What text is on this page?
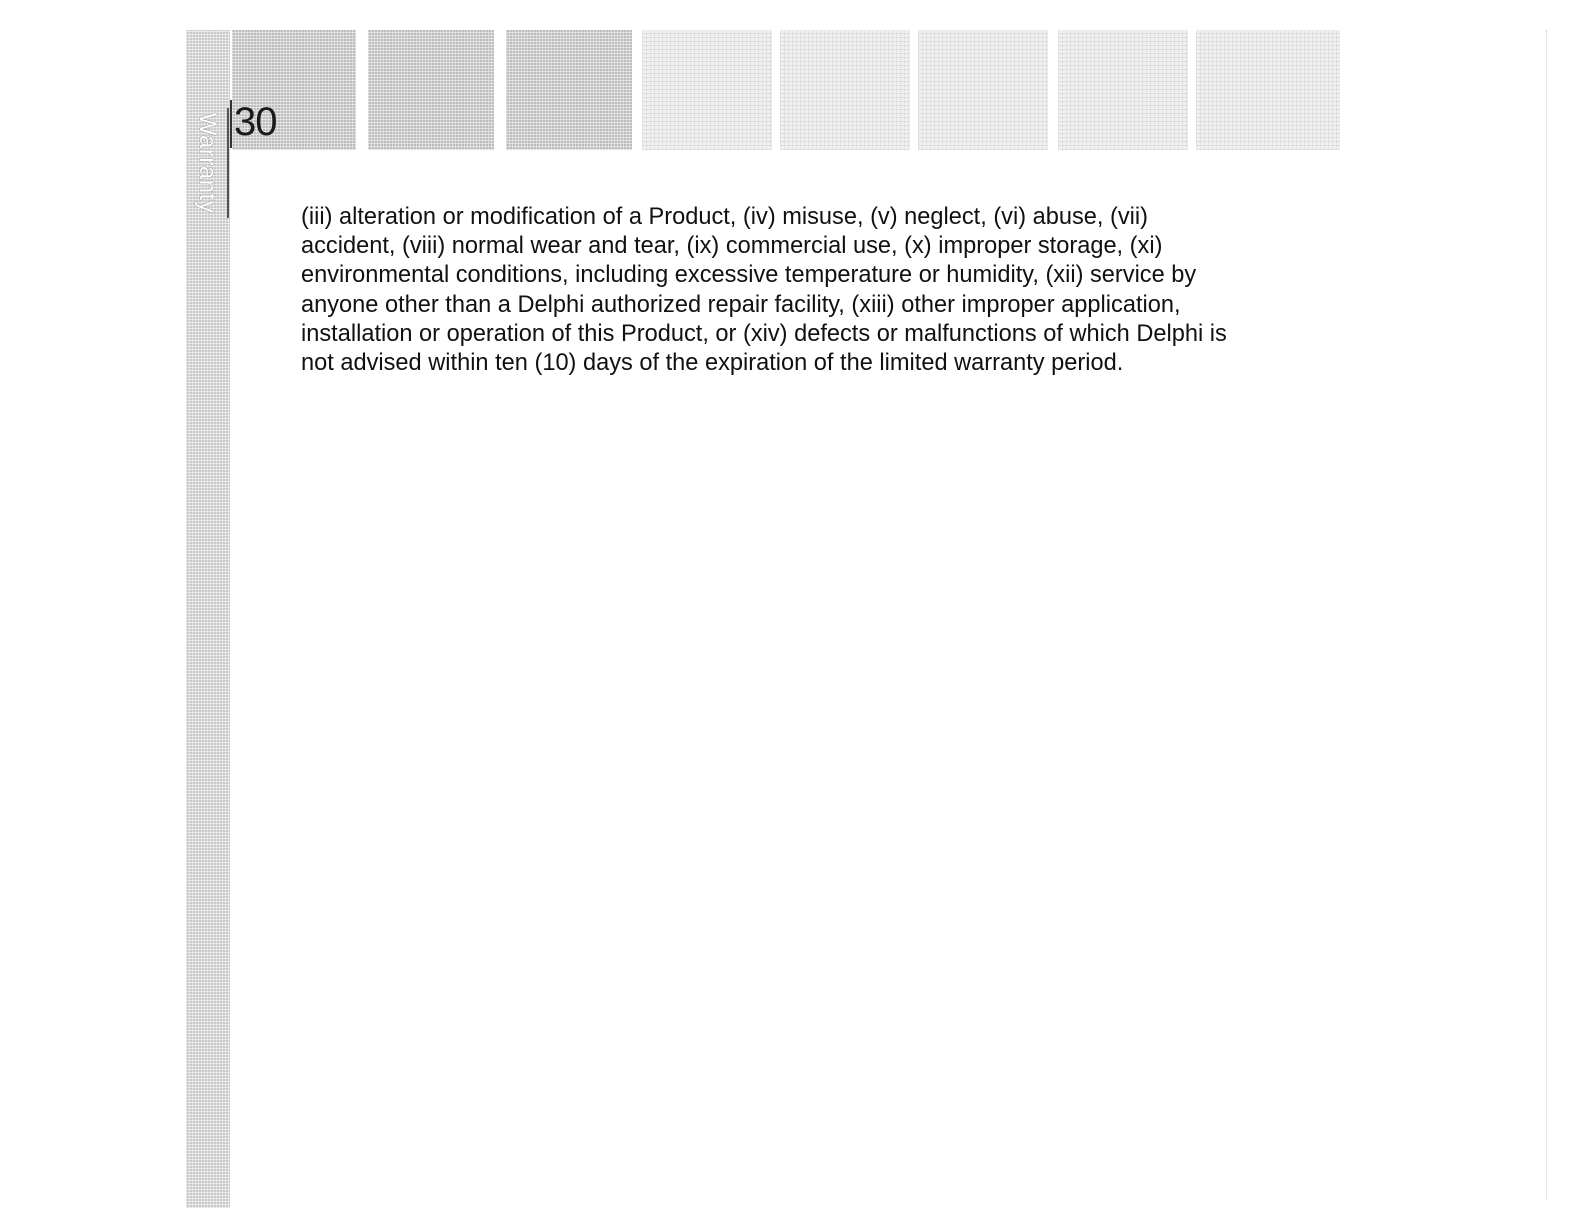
Warranty 30

(iii) alteration or modification of a Product, (iv) misuse, (v) neglect, (vi) abuse, (vii) accident, (viii) normal wear and tear, (ix) commercial use, (x) improper storage, (xi) environmental conditions, including excessive temperature or humidity, (xii) service by anyone other than a Delphi authorized repair facility, (xiii) other improper application, installation or operation of this Product, or (xiv) defects or malfunctions of which Delphi is not advised within ten (10) days of the expiration of the limited warranty period.
